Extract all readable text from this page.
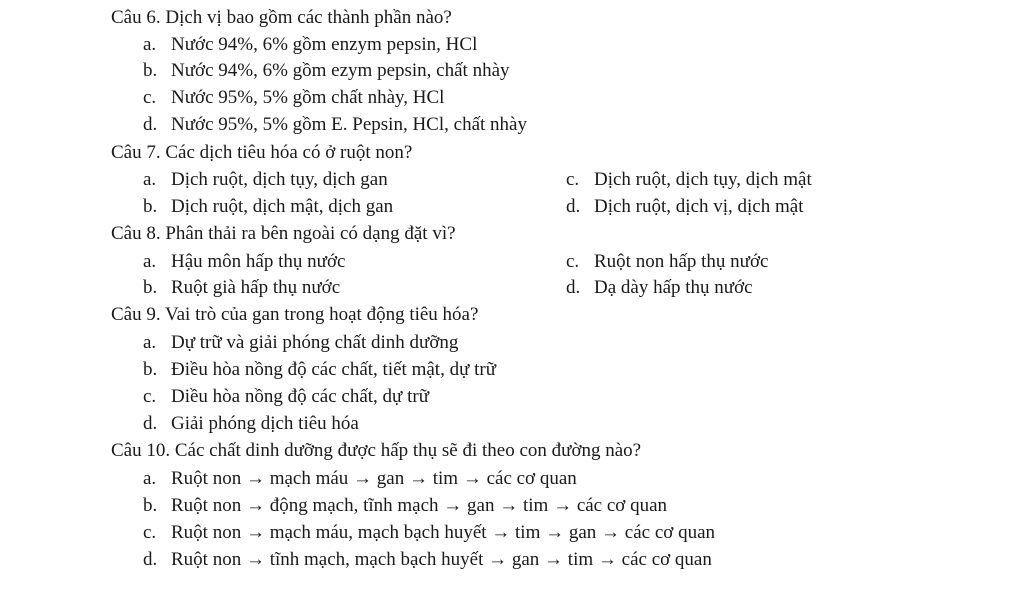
Câu 6. Dịch vị bao gồm các thành phần nào?
a. Nước 94%, 6% gồm enzym pepsin, HCl
b. Nước 94%, 6% gồm ezym pepsin, chất nhày
c. Nước 95%, 5% gồm chất nhày, HCl
d. Nước 95%, 5% gồm E. Pepsin, HCl, chất nhày
Câu 7. Các dịch tiêu hóa có ở ruột non?
a. Dịch ruột, dịch tụy, dịch gan	c. Dịch ruột, dịch tụy, dịch mật
b. Dịch ruột, dịch mật, dịch gan	d. Dịch ruột, dịch vị, dịch mật
Câu 8. Phân thải ra bên ngoài có dạng đặt vì?
a. Hậu môn hấp thụ nước	c. Ruột non hấp thụ nước
b. Ruột già hấp thụ nước	d. Dạ dày hấp thụ nước
Câu 9. Vai trò của gan trong hoạt động tiêu hóa?
a. Dự trữ và giải phóng chất dinh dưỡng
b. Điều hòa nồng độ các chất, tiết mật, dự trữ
c. Diều hòa nồng độ các chất, dự trữ
d. Giải phóng dịch tiêu hóa
Câu 10. Các chất dinh dưỡng được hấp thụ sẽ đi theo con đường nào?
a. Ruột non → mạch máu → gan → tim → các cơ quan
b. Ruột non → động mạch, tĩnh mạch → gan → tim → các cơ quan
c. Ruột non → mạch máu, mạch bạch huyết → tim → gan → các cơ quan
d. Ruột non → tĩnh mạch, mạch bạch huyết → gan → tim → các cơ quan
